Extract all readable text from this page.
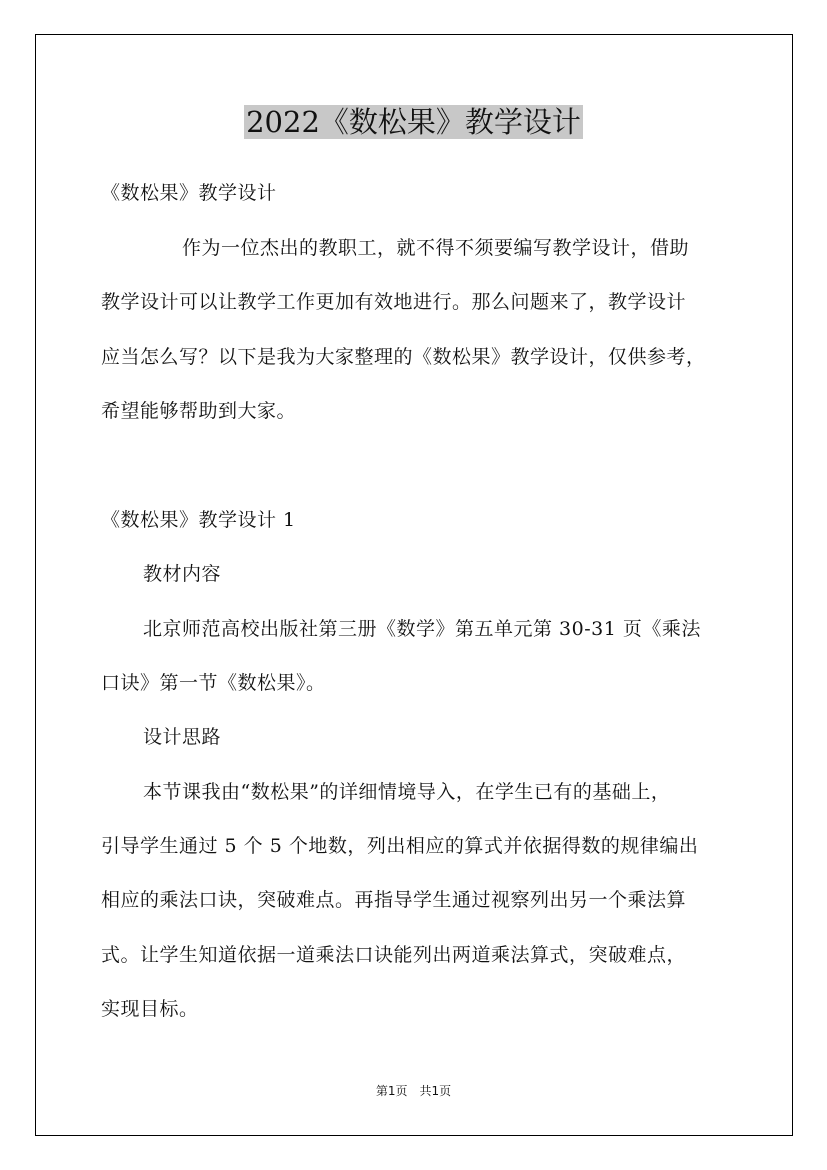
2022《数松果》教学设计
《数松果》教学设计
作为一位杰出的教职工，就不得不须要编写教学设计，借助
教学设计可以让教学工作更加有效地进行。那么问题来了，教学设计
应当怎么写？以下是我为大家整理的《数松果》教学设计，仅供参考，
希望能够帮助到大家。
《数松果》教学设计 1
教材内容
北京师范高校出版社第三册《数学》第五单元第 30-31 页《乘法
口诀》第一节《数松果》。
设计思路
本节课我由“数松果”的详细情境导入，在学生已有的基础上，
引导学生通过 5 个 5 个地数，列出相应的算式并依据得数的规律编出
相应的乘法口诀，突破难点。再指导学生通过视察列出另一个乘法算
式。让学生知道依据一道乘法口诀能列出两道乘法算式，突破难点，
实现目标。
第1页　共1页
